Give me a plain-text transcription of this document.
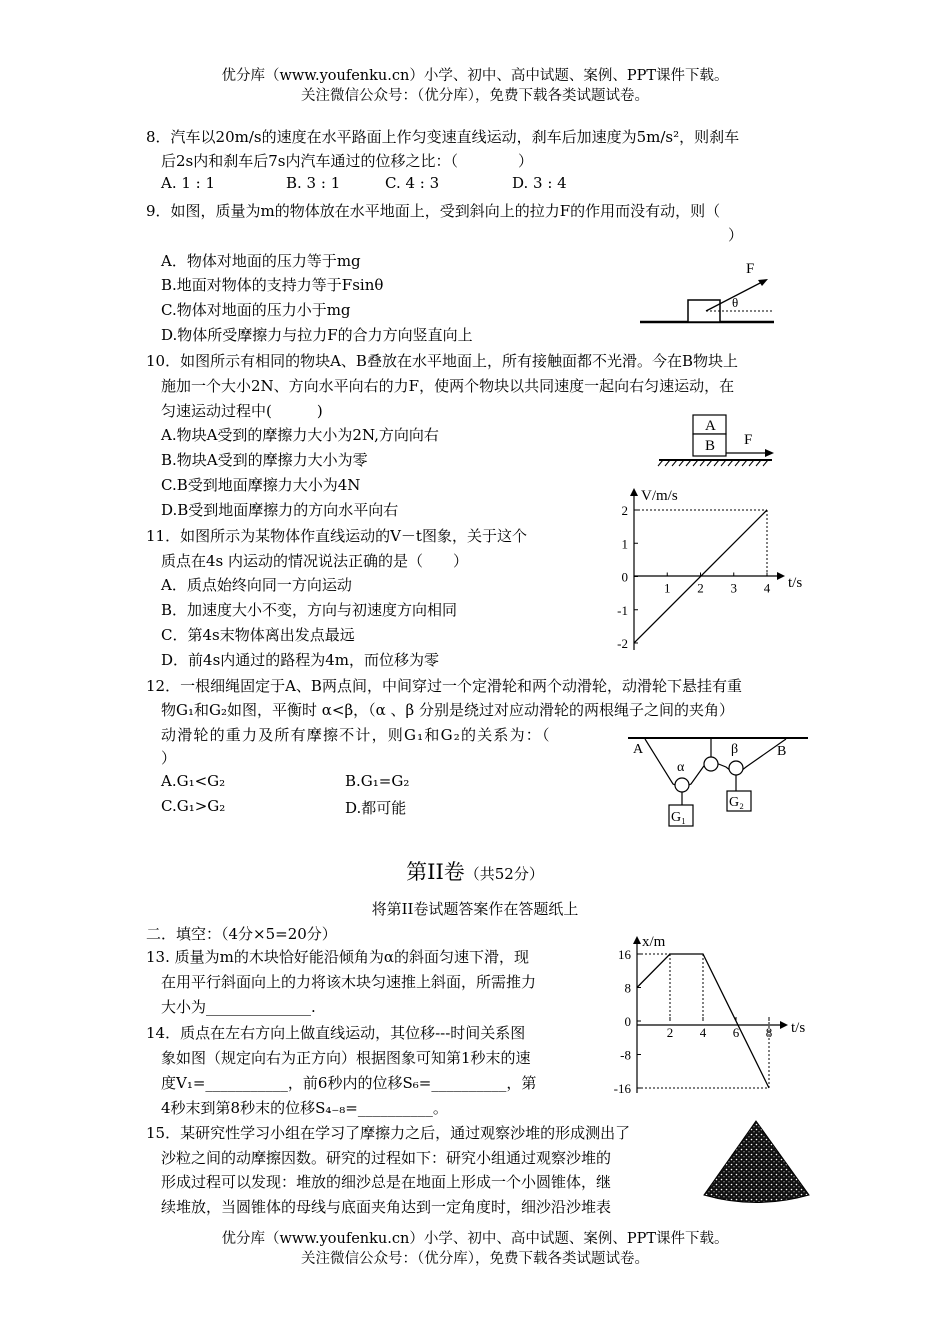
优分库（www.youfenku.cn）小学、初中、高中试题、案例、PPT课件下载。
关注微信公众号：（优分库），免费下载各类试题试卷。
8．汽车以20m/s的速度在水平路面上作匀变速直线运动，刹车后加速度为5m/s²，则刹车
后2s内和刹车后7s内汽车通过的位移之比：（　　　　）
A. 1 : 1	B. 3 : 1	C. 4 : 3	D. 3 : 4
9．如图，质量为m的物体放在水平地面上，受到斜向上的拉力F的作用而没有动，则（
）
A．物体对地面的压力等于mg
B.地面对物体的支持力等于Fsinθ
C.物体对地面的压力小于mg
D.物体所受摩擦力与拉力F的合力方向竖直向上
F
θ
10．如图所示有相同的物块A、B叠放在水平地面上，所有接触面都不光滑。今在B物块上
施加一个大小2N、方向水平向右的力F，使两个物块以共同速度一起向右匀速运动，在
匀速运动过程中(　　　)
A.物块A受到的摩擦力大小为2N,方向向右
B.物块A受到的摩擦力大小为零
C.B受到地面摩擦力大小为4N
D.B受到地面摩擦力的方向水平向右
A
B F
11．如图所示为某物体作直线运动的V－t图象，关于这个
质点在4s 内运动的情况说法正确的是（　　）
A．质点始终向同一方向运动
B．加速度大小不变，方向与初速度方向相同
C．第4s末物体离出发点最远
D．前4s内通过的路程为4m，而位移为零
V/m/s
t/s
2
1
0
-1
-2
1 2 3 4
12．一根细绳固定于A、B两点间，中间穿过一个定滑轮和两个动滑轮，动滑轮下悬挂有重
物G₁和G₂如图，平衡时 α<β，（α 、β 分别是绕过对应动滑轮的两根绳子之间的夹角）
动滑轮的重力及所有摩擦不计，则G₁和G₂的关系为：（
）
A.G₁<G₂	B.G₁=G₂
C.G₁>G₂	D.都可能
A	B
G₁
G₂
α
β
第II卷（共52分）
将第II卷试题答案作在答题纸上
二．填空：（4分×5=20分）
13. 质量为m的木块恰好能沿倾角为α的斜面匀速下滑，现
在用平行斜面向上的力将该木块匀速推上斜面，所需推力
大小为______________.
14．质点在左右方向上做直线运动，其位移---时间关系图
象如图（规定向右为正方向）根据图象可知第1秒末的速
度V₁=___________，前6秒内的位移S₆=__________，第
4秒末到第8秒末的位移S₄₋₈=__________。
15．某研究性学习小组在学习了摩擦力之后，通过观察沙堆的形成测出了
沙粒之间的动摩擦因数。研究的过程如下：研究小组通过观察沙堆的
形成过程可以发现：堆放的细沙总是在地面上形成一个小圆锥体，继
续堆放，当圆锥体的母线与底面夹角达到一定角度时，细沙沿沙堆表
x/m
t/s
16
8
0
-8
-16
2 4 6 8
优分库（www.youfenku.cn）小学、初中、高中试题、案例、PPT课件下载。
关注微信公众号：（优分库），免费下载各类试题试卷。
